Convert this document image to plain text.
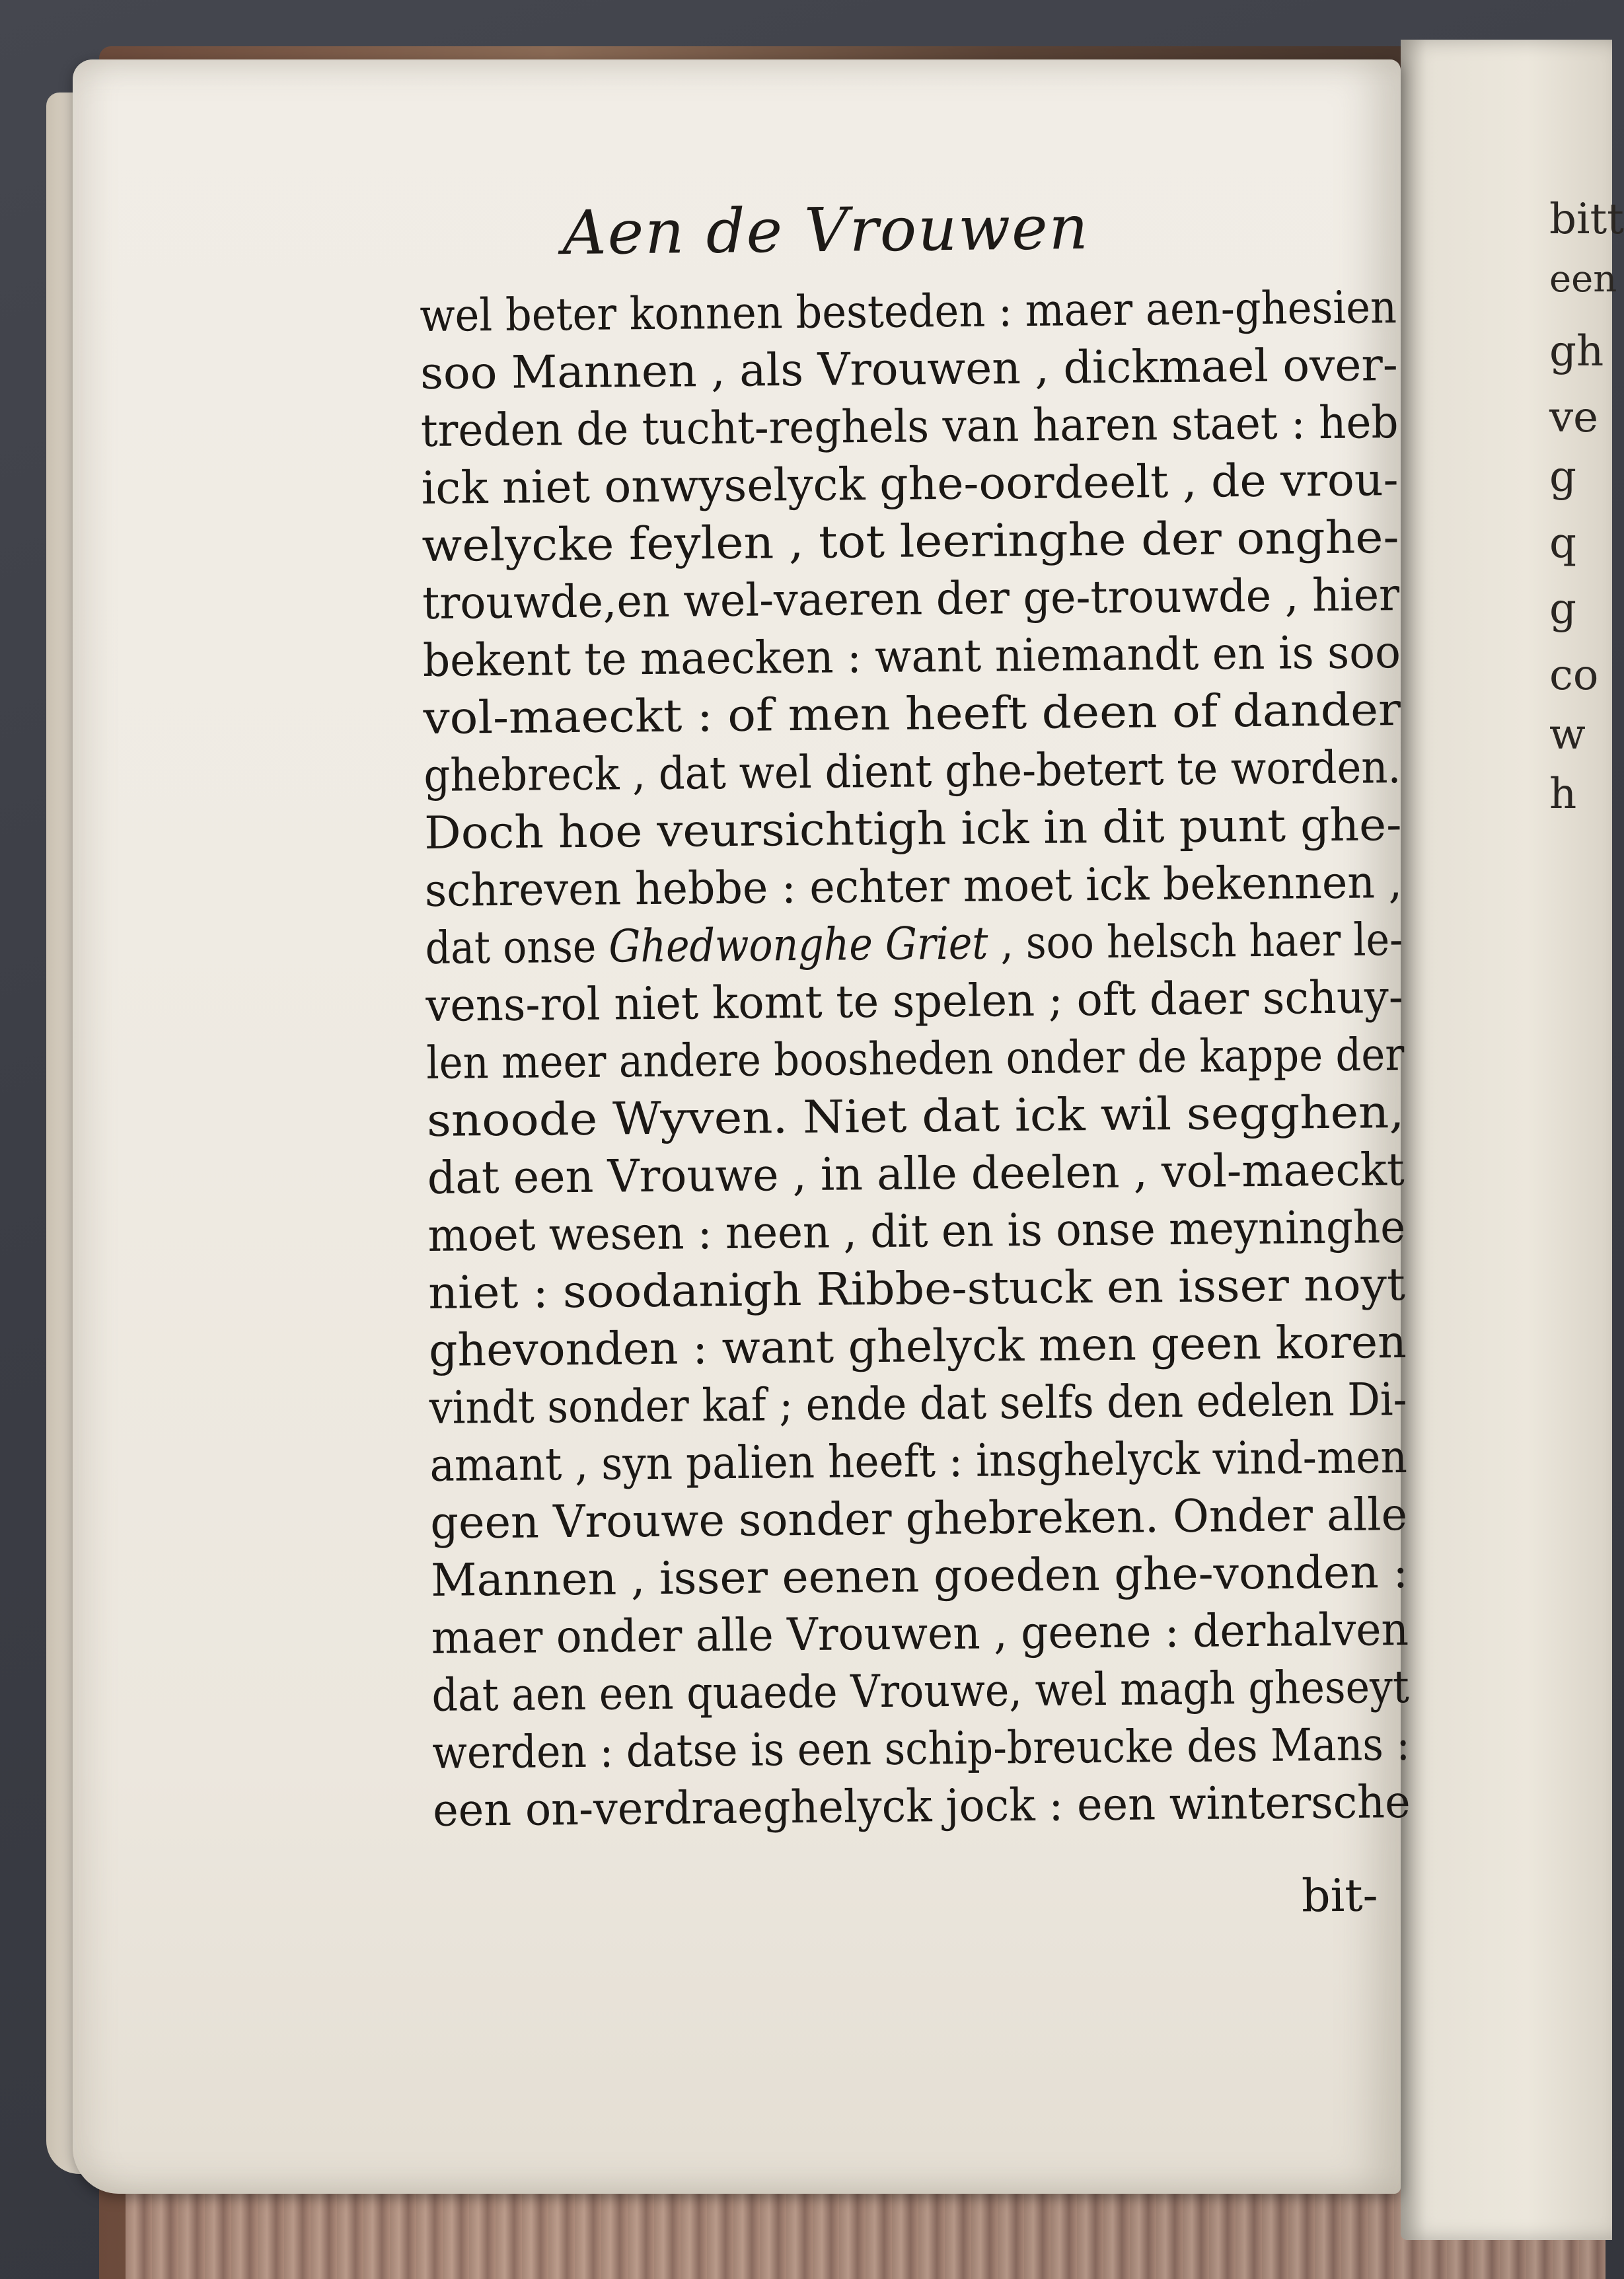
bitt
een
gh
ve
g
q
g
co
w
h
Aen de Vrouwen
wel beter konnen besteden : maer aen-ghesien
soo Mannen , als Vrouwen , dickmael over-
treden de tucht-reghels van haren staet : heb
ick niet onwyselyck ghe-oordeelt , de vrou-
welycke feylen , tot leeringhe der onghe-
trouwde,en wel-vaeren der ge-trouwde , hier
bekent te maecken : want niemandt en is soo
vol-maeckt : of men heeft deen of dander
ghebreck , dat wel dient ghe-betert te worden.
Doch hoe veursichtigh ick in dit punt ghe-
schreven hebbe : echter moet ick bekennen ,
dat onse Ghedwonghe Griet , soo helsch haer le-
vens-rol niet komt te spelen ; oft daer schuy-
len meer andere boosheden onder de kappe der
snoode Wyven. Niet dat ick wil segghen,
dat een Vrouwe , in alle deelen , vol-maeckt
moet wesen : neen , dit en is onse meyninghe
niet : soodanigh Ribbe-stuck en isser noyt
ghevonden : want ghelyck men geen koren
vindt sonder kaf ; ende dat selfs den edelen Di-
amant , syn palien heeft : insghelyck vind-men
geen Vrouwe sonder ghebreken. Onder alle
Mannen , isser eenen goeden ghe-vonden :
maer onder alle Vrouwen , geene : derhalven
dat aen een quaede Vrouwe, wel magh gheseyt
werden : datse is een schip-breucke des Mans :
een on-verdraeghelyck jock : een wintersche
bit-
